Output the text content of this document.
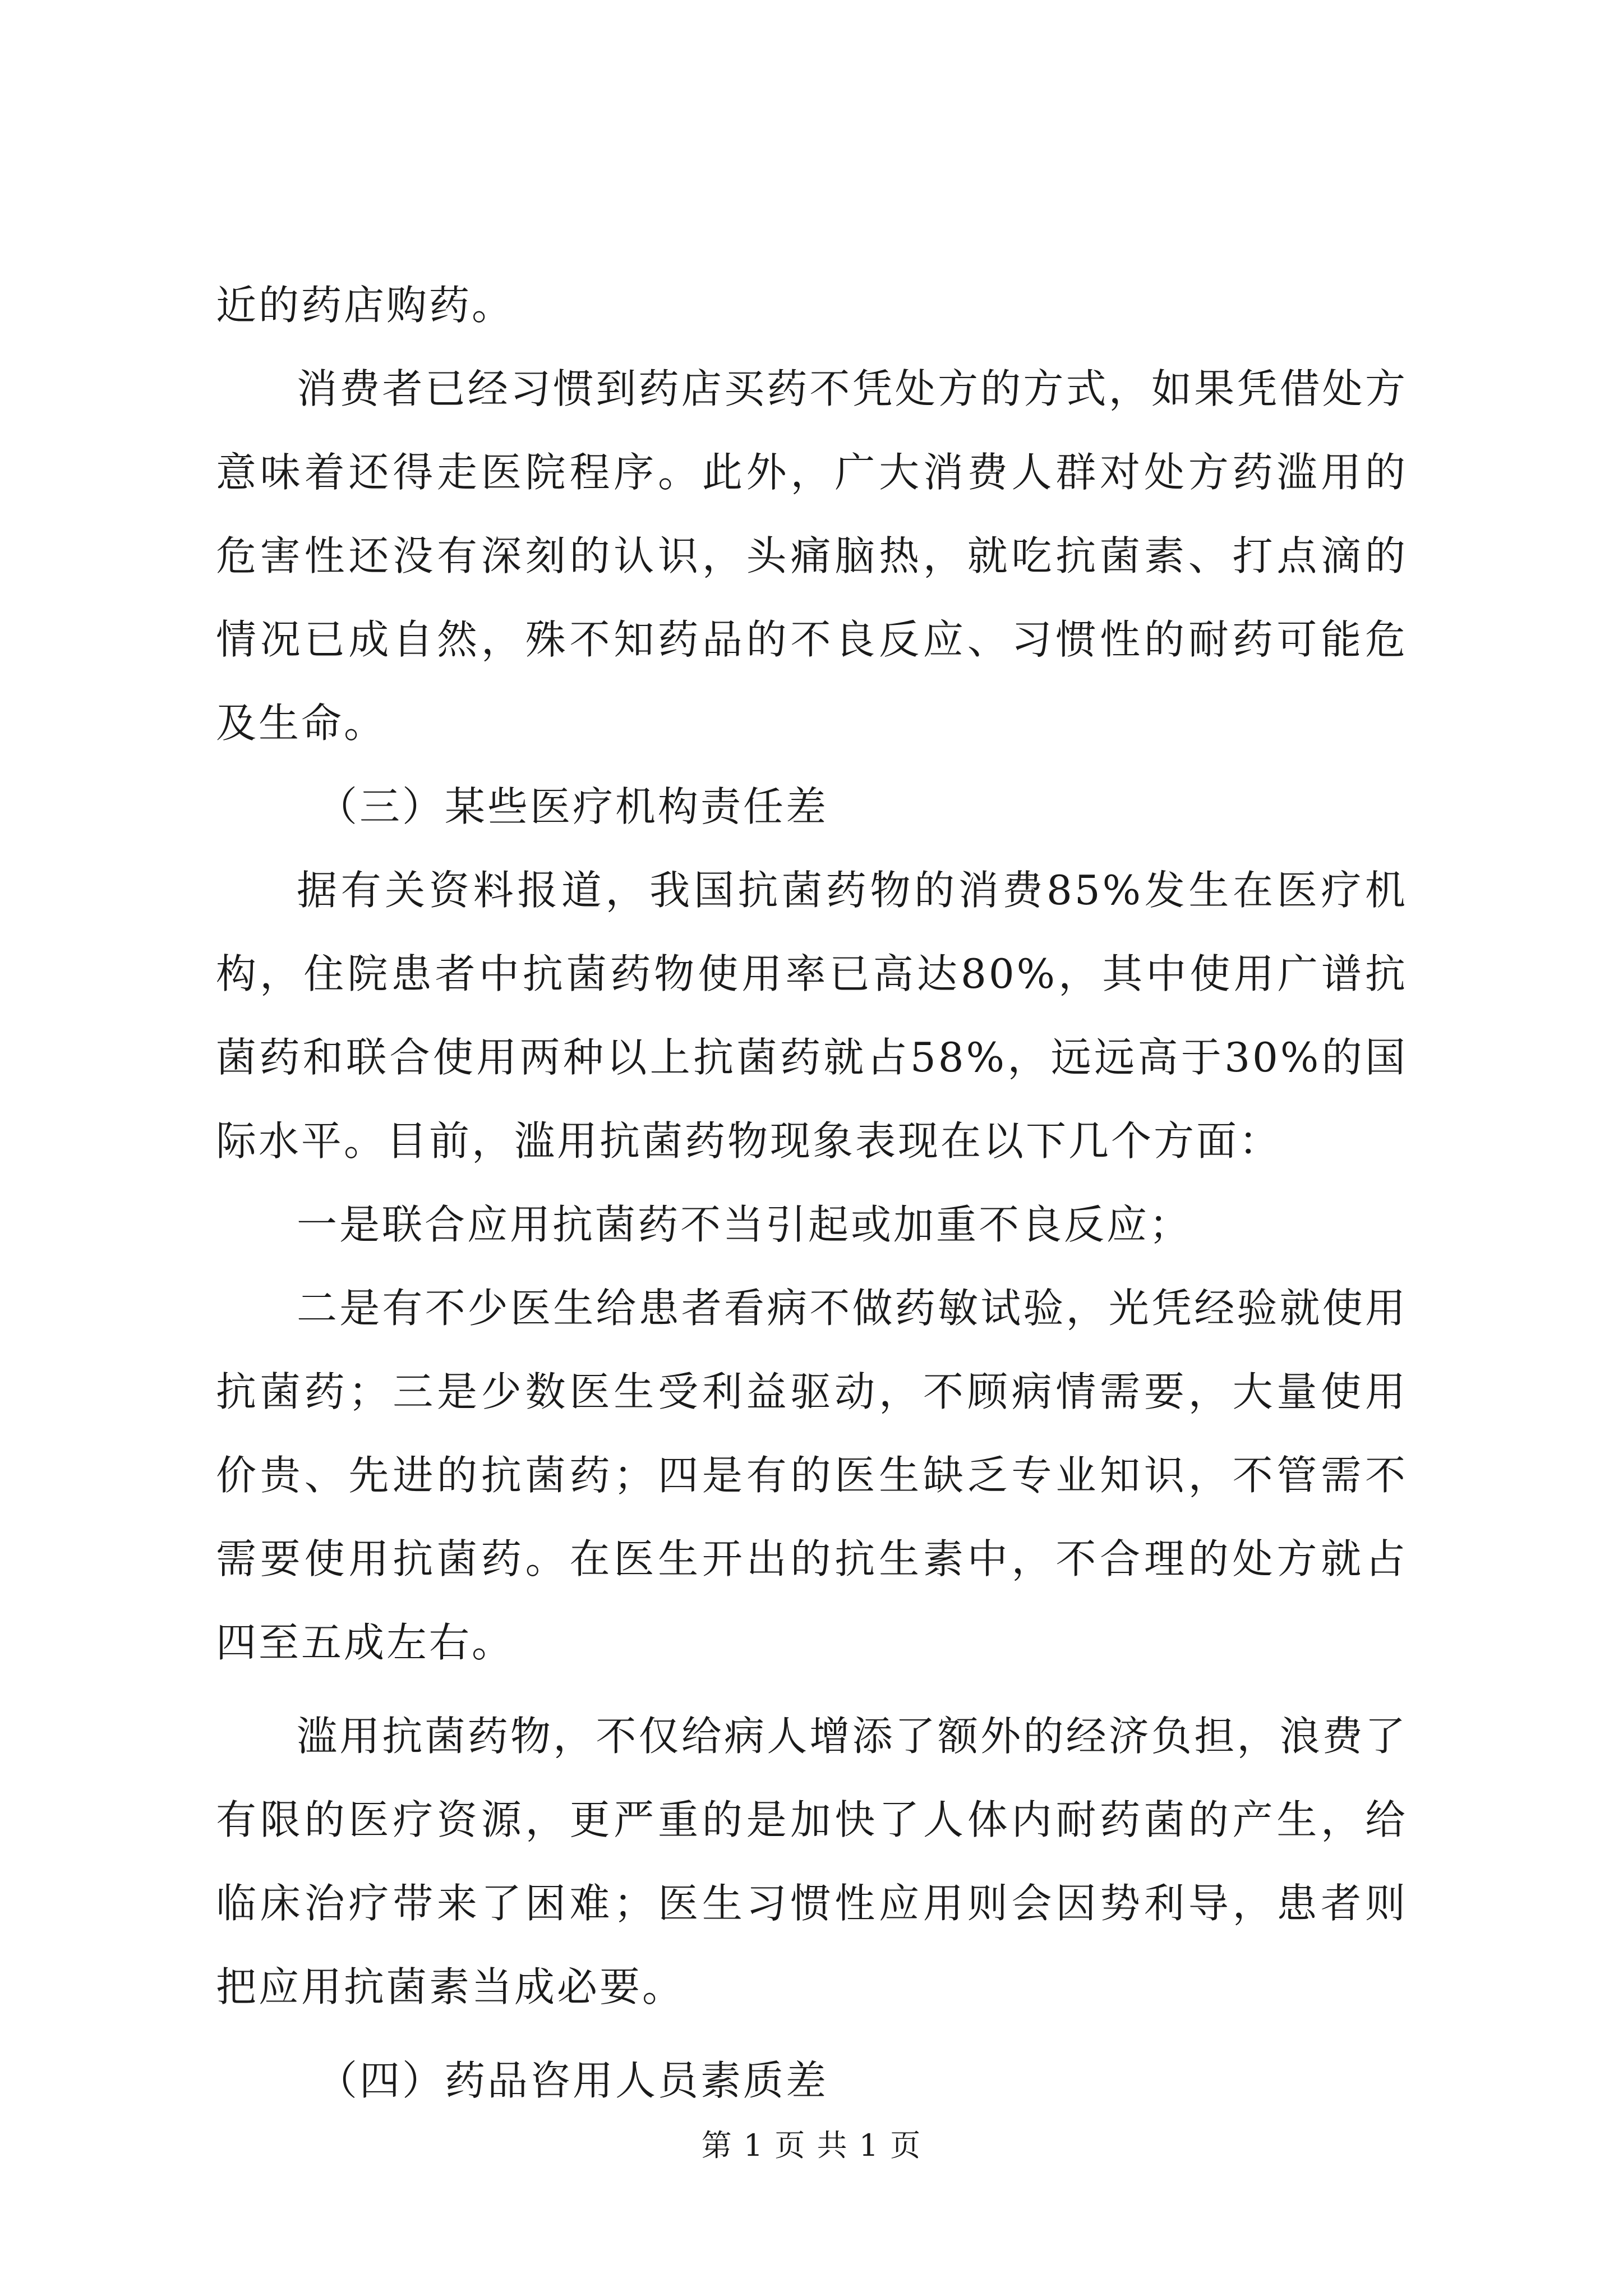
近的药店购药。

消费者已经习惯到药店买药不凭处方的方式，如果凭借处方意味着还得走医院程序。此外，广大消费人群对处方药滥用的危害性还没有深刻的认识，头痛脑热，就吃抗菌素、打点滴的情况已成自然，殊不知药品的不良反应、习惯性的耐药可能危及生命。

（三）某些医疗机构责任差

据有关资料报道，我国抗菌药物的消费85%发生在医疗机构，住院患者中抗菌药物使用率已高达80%，其中使用广谱抗菌药和联合使用两种以上抗菌药就占58%，远远高于30%的国际水平。目前，滥用抗菌药物现象表现在以下几个方面：

一是联合应用抗菌药不当引起或加重不良反应；

二是有不少医生给患者看病不做药敏试验，光凭经验就使用抗菌药；三是少数医生受利益驱动，不顾病情需要，大量使用价贵、先进的抗菌药；四是有的医生缺乏专业知识，不管需不需要使用抗菌药。在医生开出的抗生素中，不合理的处方就占四至五成左右。

滥用抗菌药物，不仅给病人增添了额外的经济负担，浪费了有限的医疗资源，更严重的是加快了人体内耐药菌的产生，给临床治疗带来了困难；医生习惯性应用则会因势利导，患者则把应用抗菌素当成必要。

（四）药品咨用人员素质差

第 1 页 共 1 页
